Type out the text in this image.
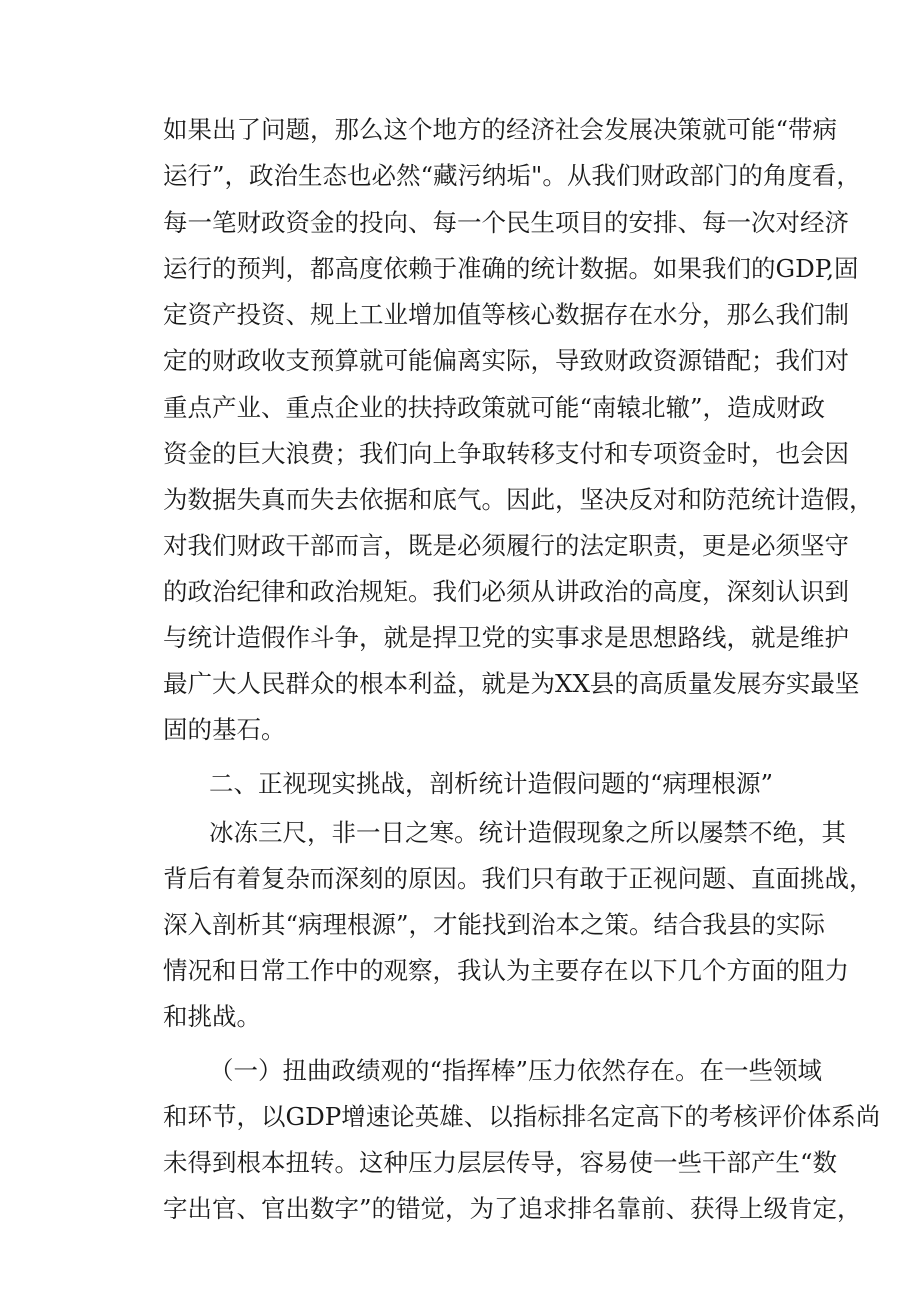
如果出了问题，那么这个地方的经济社会发展决策就可能“带病
运行”，政治生态也必然“藏污纳垢"。从我们财政部门的角度看，
每一笔财政资金的投向、每一个民生项目的安排、每一次对经济
运行的预判，都高度依赖于准确的统计数据。如果我们的GDP,固
定资产投资、规上工业增加值等核心数据存在水分，那么我们制
定的财政收支预算就可能偏离实际，导致财政资源错配；我们对
重点产业、重点企业的扶持政策就可能“南辕北辙”，造成财政
资金的巨大浪费；我们向上争取转移支付和专项资金时，也会因
为数据失真而失去依据和底气。因此，坚决反对和防范统计造假，
对我们财政干部而言，既是必须履行的法定职责，更是必须坚守
的政治纪律和政治规矩。我们必须从讲政治的高度，深刻认识到
与统计造假作斗争，就是捍卫党的实事求是思想路线，就是维护
最广大人民群众的根本利益，就是为XX县的高质量发展夯实最坚
固的基石。
二、正视现实挑战，剖析统计造假问题的“病理根源”
冰冻三尺，非一日之寒。统计造假现象之所以屡禁不绝，其
背后有着复杂而深刻的原因。我们只有敢于正视问题、直面挑战，
深入剖析其“病理根源”，才能找到治本之策。结合我县的实际
情况和日常工作中的观察，我认为主要存在以下几个方面的阻力
和挑战。
（一）扭曲政绩观的“指挥棒”压力依然存在。在一些领域
和环节，以GDP增速论英雄、以指标排名定高下的考核评价体系尚
未得到根本扭转。这种压力层层传导，容易使一些干部产生“数
字出官、官出数字”的错觉，为了追求排名靠前、获得上级肯定，
